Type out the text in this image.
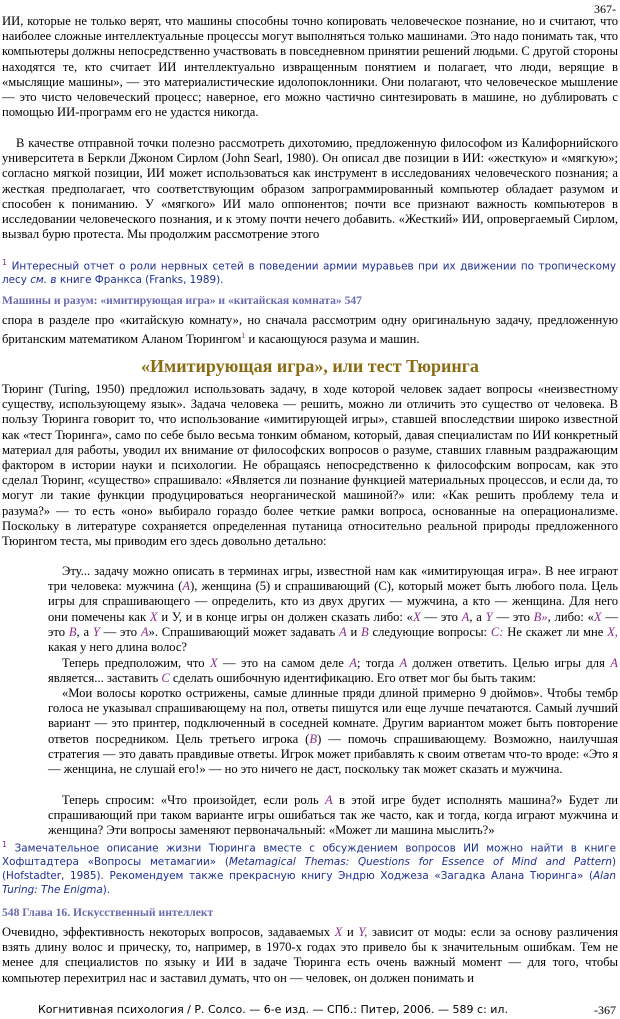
367-

ИИ, которые не только верят, что машины способны точно копировать человеческое познание, но и считают, что наиболее сложные интеллектуальные процессы могут выполняться только машинами. Это надо понимать так, что компьютеры должны непосредственно участвовать в повседневном принятии решений людьми. С другой стороны находятся те, кто считает ИИ интеллектуально извращенным понятием и полагает, что люди, верящие в «мыслящие машины», — это материалистические идолопоклонники. Они полагают, что человеческое мышление — это чисто человеческий процесс; наверное, его можно частично синтезировать в машине, но дублировать с помощью ИИ-программ его не удастся никогда.

В качестве отправной точки полезно рассмотреть дихотомию, предложенную философом из Калифорнийского университета в Беркли Джоном Сирлом (John Searl, 1980). Он описал две позиции в ИИ: «жесткую» и «мягкую»; согласно мягкой позиции, ИИ может использоваться как инструмент в исследованиях человеческого познания; а жесткая предполагает, что соответствующим образом запрограммированный компьютер обладает разумом и способен к пониманию. У «мягкого» ИИ мало оппонентов; почти все признают важность компьютеров в исследовании человеческого познания, и к этому почти нечего добавить. «Жесткий» ИИ, опровергаемый Сирлом, вызвал бурю протеста. Мы продолжим рассмотрение этого

$^1$ Интересный отчет о роли нервных сетей в поведении армии муравьев при их движении по тропическому лесу см. в книге Франкса (Franks, 1989).
Машины и разум: «имитирующая игра» и «китайская комната» 547

спора в разделе про «китайскую комнату», но сначала рассмотрим одну оригинальную задачу, предложенную британским математиком Аланом Тюрингом$^1$ и касающуюся разума и машин.

«Имитирующая игра», или тест Тюринга

Тюринг (Turing, 1950) предложил использовать задачу, в ходе которой человек задает вопросы «неизвестному существу, использующему язык». Задача человека — решить, можно ли отличить это существо от человека. В пользу Тюринга говорит то, что использование «имитирующей игры», ставшей впоследствии широко известной как «тест Тюринга», само по себе было весьма тонким обманом, который, давая специалистам по ИИ конкретный материал для работы, уводил их внимание от философских вопросов о разуме, ставших главным раздражающим фактором в истории науки и психологии. Не обращаясь непосредственно к философским вопросам, как это сделал Тюринг, «существо» спрашивало: «Является ли познание функцией материальных процессов, и если да, то могут ли такие функции продуцироваться неорганической машиной?» или: «Как решить проблему тела и разума?» — то есть «оно» выбирало гораздо более четкие рамки вопроса, основанные на операционализме. Поскольку в литературе сохраняется определенная путаница относительно реальной природы предложенного Тюрингом теста, мы приводим его здесь довольно детально:

Эту... задачу можно описать в терминах игры, известной нам как «имитирующая игра». В нее играют три человека: мужчина (А), женщина (5) и спрашивающий (С), который может быть любого пола. Цель игры для спрашивающего — определить, кто из двух других — мужчина, а кто — женщина. Для него они помечены как X и У, и в конце игры он должен сказать либо: «X — это А, а Y — это В», либо: «X — это В, а Y — это А». Спрашивающий может задавать А и В следующие вопросы: С: Не скажет ли мне X, какая у него длина волос?

Теперь предположим, что X — это на самом деле А; тогда А должен ответить. Целью игры для А является... заставить С сделать ошибочную идентификацию. Его ответ мог бы быть таким:

«Мои волосы коротко острижены, самые длинные пряди длиной примерно 9 дюймов». Чтобы тембр голоса не указывал спрашивающему на пол, ответы пишутся или еще лучше печатаются. Самый лучший вариант — это принтер, подключенный в соседней комнате. Другим вариантом может быть повторение ответов посредником. Цель третьего игрока (В) — помочь спрашивающему. Возможно, наилучшая стратегия — это давать правдивые ответы. Игрок может прибавлять к своим ответам что-то вроде: «Это я — женщина, не слушай его!» — но это ничего не даст, поскольку так может сказать и мужчина.

Теперь спросим: «Что произойдет, если роль А в этой игре будет исполнять машина?» Будет ли спрашивающий при таком варианте игры ошибаться так же часто, как и тогда, когда играют мужчина и женщина? Эти вопросы заменяют первоначальный: «Может ли машина мыслить?»

$^1$ Замечательное описание жизни Тюринга вместе с обсуждением вопросов ИИ можно найти в книге Хофштадтера «Вопросы метамагии» (Metamagical Themas: Questions for Essence of Mind and Pattern) (Hofstadter, 1985). Рекомендуем также прекрасную книгу Эндрю Ходжеза «Загадка Алана Тюринга» (Alan Turing: The Enigma).
548 Глава 16. Искусственный интеллект

Очевидно, эффективность некоторых вопросов, задаваемых X и Y, зависит от моды: если за основу различения взять длину волос и прическу, то, например, в 1970-х годах это привело бы к значительным ошибкам. Тем не менее для специалистов по языку и ИИ в задаче Тюринга есть очень важный момент — для того, чтобы компьютер перехитрил нас и заставил думать, что он — человек, он должен понимать и

Когнитивная психология / Р. Солсо. — 6-е изд. — СПб.: Питер, 2006. — 589 с: ил.	-367
